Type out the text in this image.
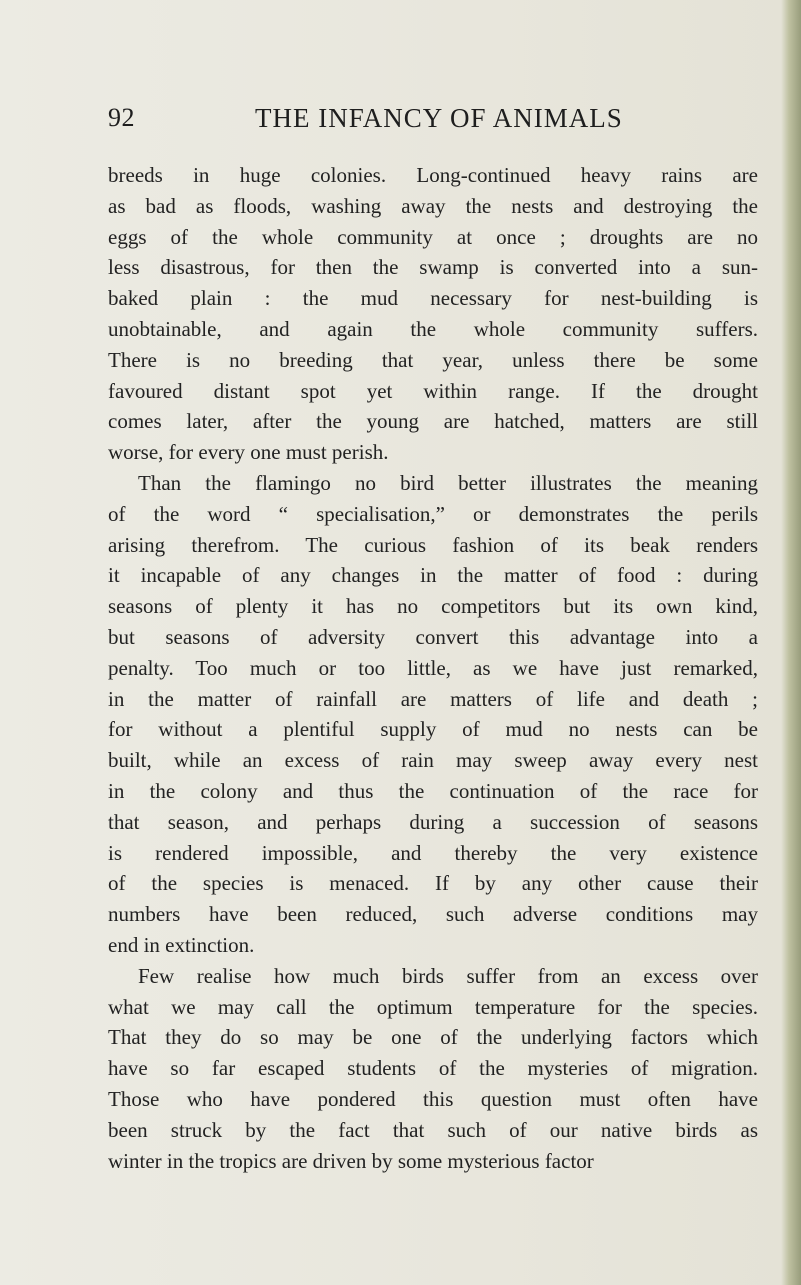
92	THE INFANCY OF ANIMALS
breeds in huge colonies. Long-continued heavy rains are
as bad as floods, washing away the nests and destroying the
eggs of the whole community at once ; droughts are no
less disastrous, for then the swamp is converted into a sun-
baked plain : the mud necessary for nest-building is
unobtainable, and again the whole community suffers.
There is no breeding that year, unless there be some
favoured distant spot yet within range. If the drought
comes later, after the young are hatched, matters are still
worse, for every one must perish.
Than the flamingo no bird better illustrates the meaning
of the word “ specialisation,” or demonstrates the perils
arising therefrom. The curious fashion of its beak renders
it incapable of any changes in the matter of food : during
seasons of plenty it has no competitors but its own kind,
but seasons of adversity convert this advantage into a
penalty. Too much or too little, as we have just remarked,
in the matter of rainfall are matters of life and death ;
for without a plentiful supply of mud no nests can be
built, while an excess of rain may sweep away every nest
in the colony and thus the continuation of the race for
that season, and perhaps during a succession of seasons
is rendered impossible, and thereby the very existence
of the species is menaced. If by any other cause their
numbers have been reduced, such adverse conditions may
end in extinction.
Few realise how much birds suffer from an excess over
what we may call the optimum temperature for the species.
That they do so may be one of the underlying factors which
have so far escaped students of the mysteries of migration.
Those who have pondered this question must often have
been struck by the fact that such of our native birds as
winter in the tropics are driven by some mysterious factor
